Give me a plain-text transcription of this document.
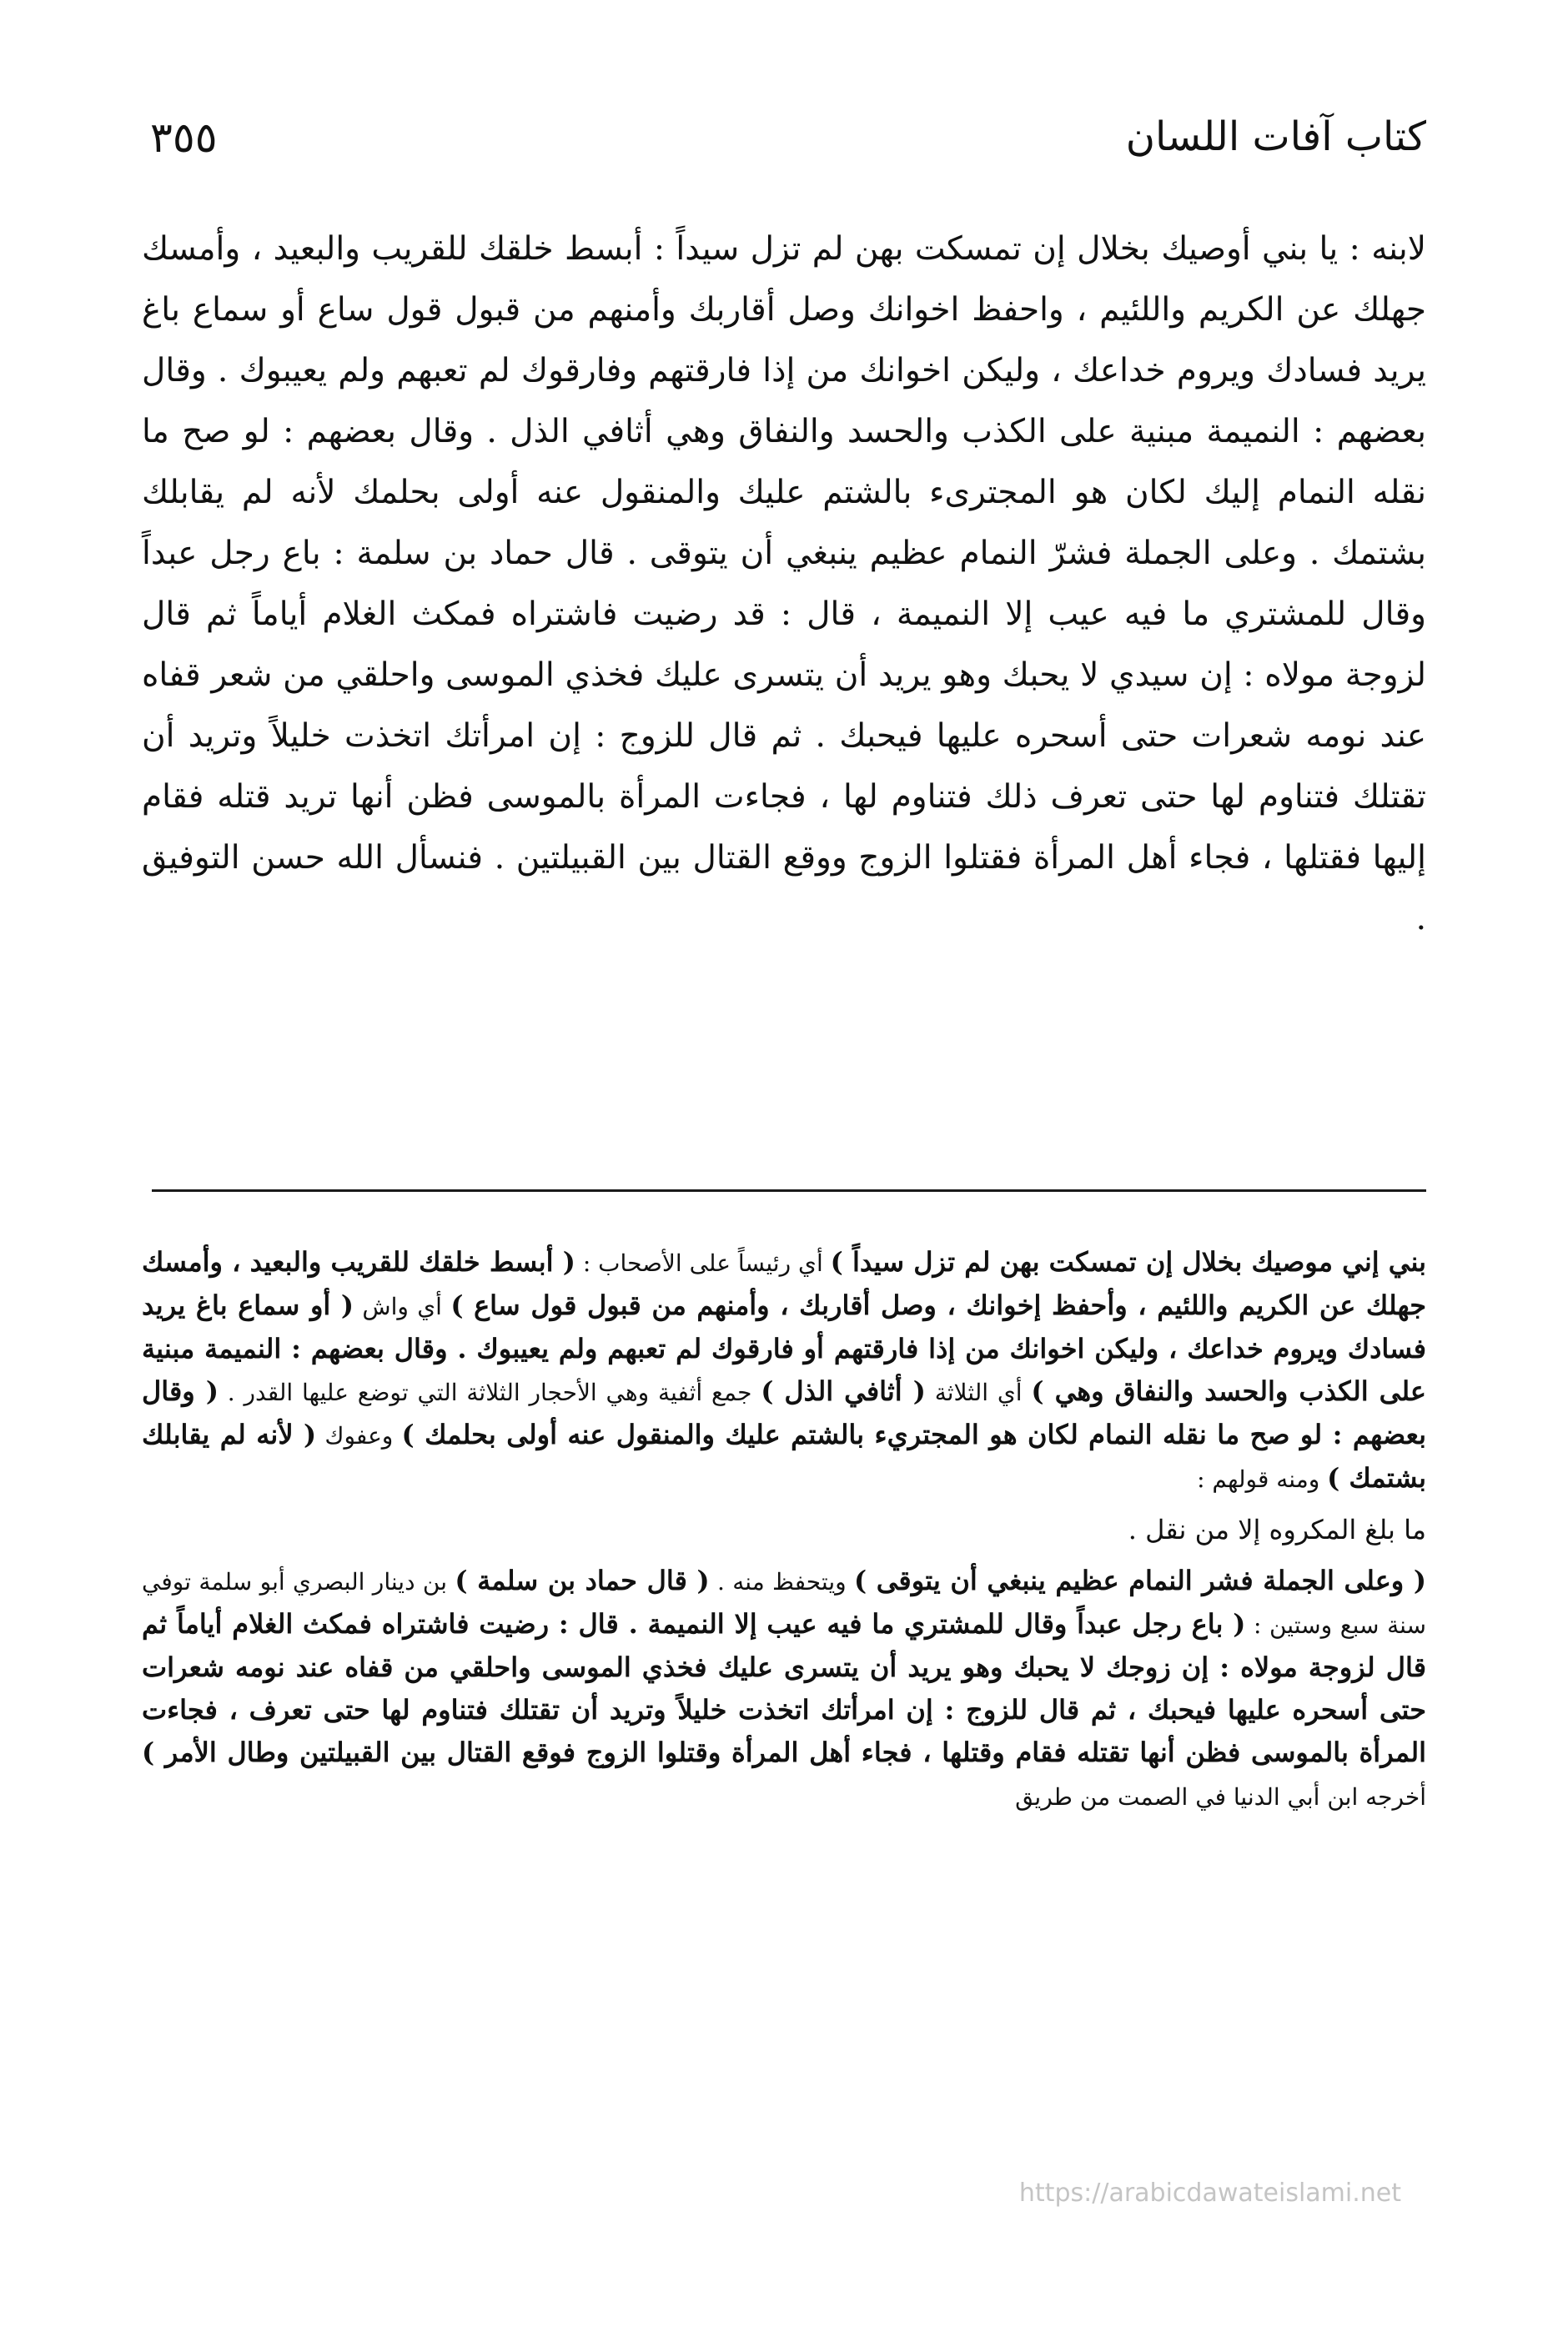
كتاب آفات اللسان
٣٥٥

لابنه : يا بني أوصيك بخلال إن تمسكت بهن لم تزل سيداً : أبسط خلقك للقريب والبعيد ، وأمسك جهلك عن الكريم واللئيم ، واحفظ اخوانك وصل أقاربك وأمنهم من قبول قول ساع أو سماع باغ يريد فسادك ويروم خداعك ، وليكن اخوانك من إذا فارقتهم وفارقوك لم تعبهم ولم يعيبوك . وقال بعضهم : النميمة مبنية على الكذب والحسد والنفاق وهي أثافي الذل . وقال بعضهم : لو صح ما نقله النمام إليك لكان هو المجترىء بالشتم عليك والمنقول عنه أولى بحلمك لأنه لم يقابلك بشتمك . وعلى الجملة فشرّ النمام عظيم ينبغي أن يتوقى . قال حماد بن سلمة : باع رجل عبداً وقال للمشتري ما فيه عيب إلا النميمة ، قال : قد رضيت فاشتراه فمكث الغلام أياماً ثم قال لزوجة مولاه : إن سيدي لا يحبك وهو يريد أن يتسرى عليك فخذي الموسى واحلقي من شعر قفاه عند نومه شعرات حتى أسحره عليها فيحبك . ثم قال للزوج : إن امرأتك اتخذت خليلاً وتريد أن تقتلك فتناوم لها حتى تعرف ذلك فتناوم لها ، فجاءت المرأة بالموسى فظن أنها تريد قتله فقام إليها فقتلها ، فجاء أهل المرأة فقتلوا الزوج ووقع القتال بين القبيلتين . فنسأل الله حسن التوفيق .

بني إني موصيك بخلال إن تمسكت بهن لم تزل سيداً ) أي رئيساً على الأصحاب : ( أبسط خلقك للقريب والبعيد ، وأمسك جهلك عن الكريم واللئيم ، وأحفظ إخوانك ، وصل أقاربك ، وأمنهم من قبول قول ساع ) أي واش ( أو سماع باغ يريد فسادك ويروم خداعك ، وليكن اخوانك من إذا فارقتهم أو فارقوك لم تعبهم ولم يعيبوك . وقال بعضهم : النميمة مبنية على الكذب والحسد والنفاق وهي ) أي الثلاثة ( أثافي الذل ) جمع أثفية وهي الأحجار الثلاثة التي توضع عليها القدر . ( وقال بعضهم : لو صح ما نقله النمام لكان هو المجتريء بالشتم عليك والمنقول عنه أولى بحلمك ) وعفوك ( لأنه لم يقابلك بشتمك ) ومنه قولهم :

ما بلغ المكروه إلا من نقل .

( وعلى الجملة فشر النمام عظيم ينبغي أن يتوقى ) ويتحفظ منه . ( قال حماد بن سلمة ) بن دينار البصري أبو سلمة توفي سنة سبع وستين : ( باع رجل عبداً وقال للمشتري ما فيه عيب إلا النميمة . قال : رضيت فاشتراه فمكث الغلام أياماً ثم قال لزوجة مولاه : إن زوجك لا يحبك وهو يريد أن يتسرى عليك فخذي الموسى واحلقي من قفاه عند نومه شعرات حتى أسحره عليها فيحبك ، ثم قال للزوج : إن امرأتك اتخذت خليلاً وتريد أن تقتلك فتناوم لها حتى تعرف ، فجاءت المرأة بالموسى فظن أنها تقتله فقام وقتلها ، فجاء أهل المرأة وقتلوا الزوج فوقع القتال بين القبيلتين وطال الأمر ) أخرجه ابن أبي الدنيا في الصمت من طريق

https://arabicdawateislami.net
